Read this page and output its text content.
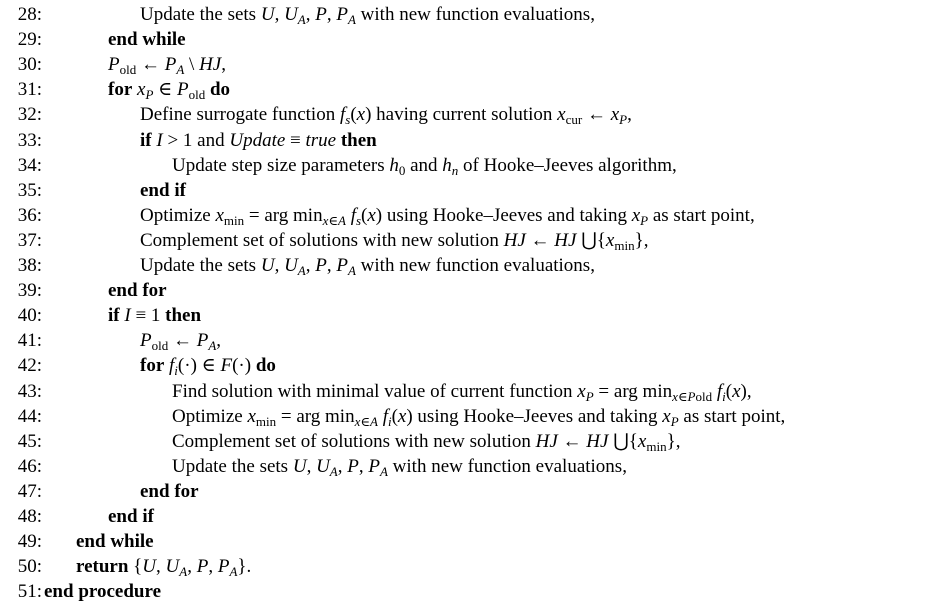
28:	Update the sets U, $U_A$, P, $P_A$ with new function evaluations,
29:	end while
30:	$P_{old}$ ← $P_A$ \ HJ,
31:	for $x_P$ ∈ $P_{old}$ do
32:	Define surrogate function $f_s(x)$ having current solution $x_{cur}$ ← $x_P$,
33:	if I > 1 and Update ≡ true then
34:	Update step size parameters $h_0$ and $h_n$ of Hooke–Jeeves algorithm,
35:	end if
36:	Optimize $x_{min}$ = arg $\min_{x\in A} f_s(x)$ using Hooke–Jeeves and taking $x_P$ as start point,
37:	Complement set of solutions with new solution HJ ← HJ $⋃\{x_{min}\}$,
38:	Update the sets U, $U_A$, P, $P_A$ with new function evaluations,
39:	end for
40:	if I ≡ 1 then
41:	$P_{old}$ ← $P_A$,
42:	for $f_i(\cdot)$ ∈ F(·) do
43:	Find solution with minimal value of current function $x_P$ = arg $\min_{x\in Pold} f_i(x)$,
44:	Optimize $x_{min}$ = arg $\min_{x\in A} f_i(x)$ using Hooke–Jeeves and taking $x_P$ as start point,
45:	Complement set of solutions with new solution HJ ← HJ $⋃\{x_{min}\}$,
46:	Update the sets U, $U_A$, P, $P_A$ with new function evaluations,
47:	end for
48:	end if
49: end while
50: return {U, $U_A$, P, $P_A$}.
51: end procedure
